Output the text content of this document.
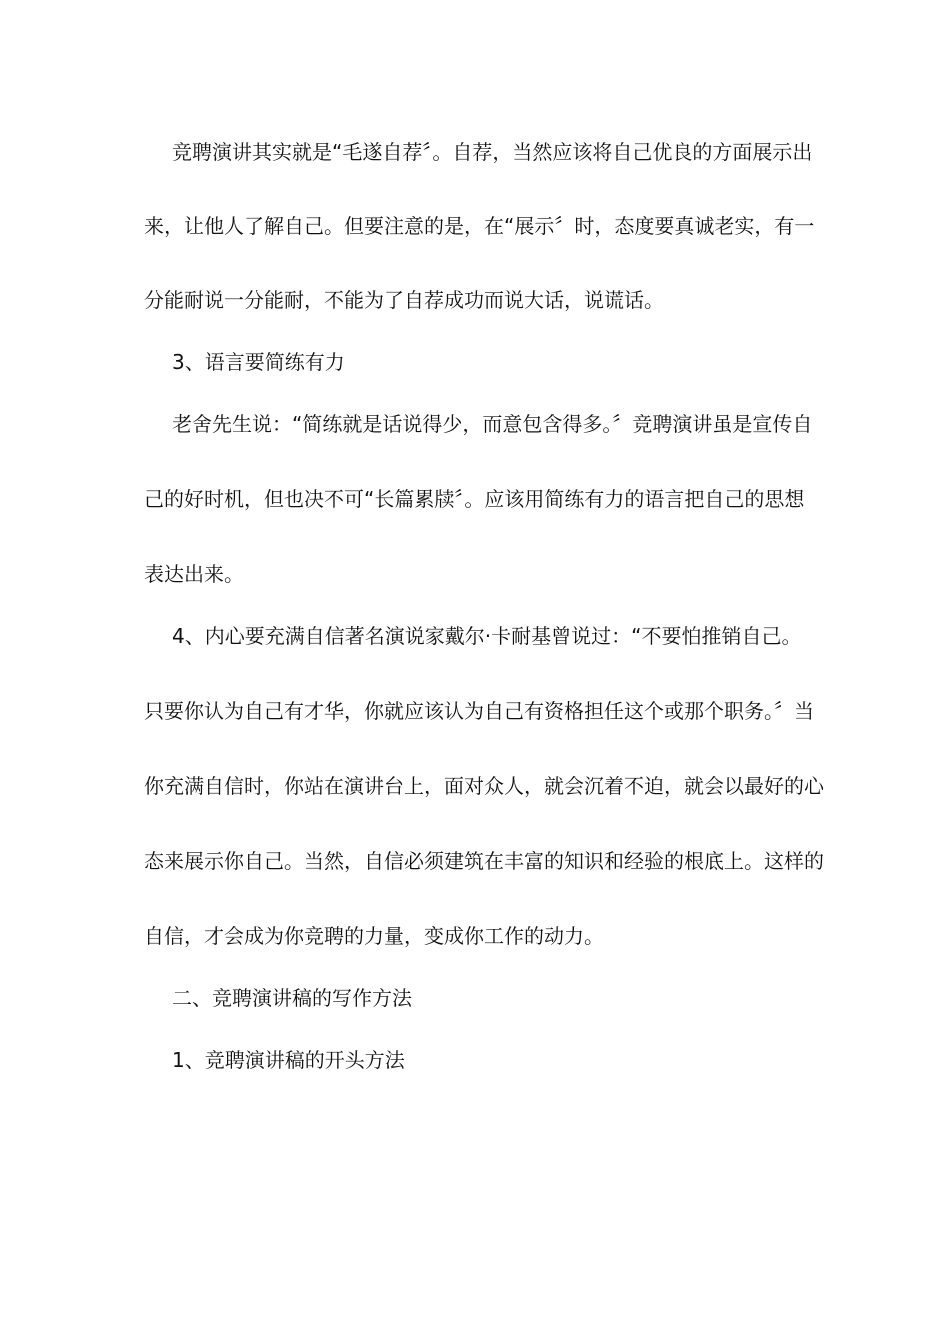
竞聘演讲其实就是“毛遂自荐〞。自荐，当然应该将自己优良的方面展示出
来，让他人了解自己。但要注意的是，在“展示〞时，态度要真诚老实，有一
分能耐说一分能耐，不能为了自荐成功而说大话，说谎话。
3、语言要简练有力
老舍先生说：“简练就是话说得少，而意包含得多。〞竞聘演讲虽是宣传自
己的好时机，但也决不可“长篇累牍〞。应该用简练有力的语言把自己的思想
表达出来。
4、内心要充满自信著名演说家戴尔·卡耐基曾说过：“不要怕推销自己。
只要你认为自己有才华，你就应该认为自己有资格担任这个或那个职务。〞当
你充满自信时，你站在演讲台上，面对众人，就会沉着不迫，就会以最好的心
态来展示你自己。当然，自信必须建筑在丰富的知识和经验的根底上。这样的
自信，才会成为你竞聘的力量，变成你工作的动力。
二、竞聘演讲稿的写作方法
1、竞聘演讲稿的开头方法
